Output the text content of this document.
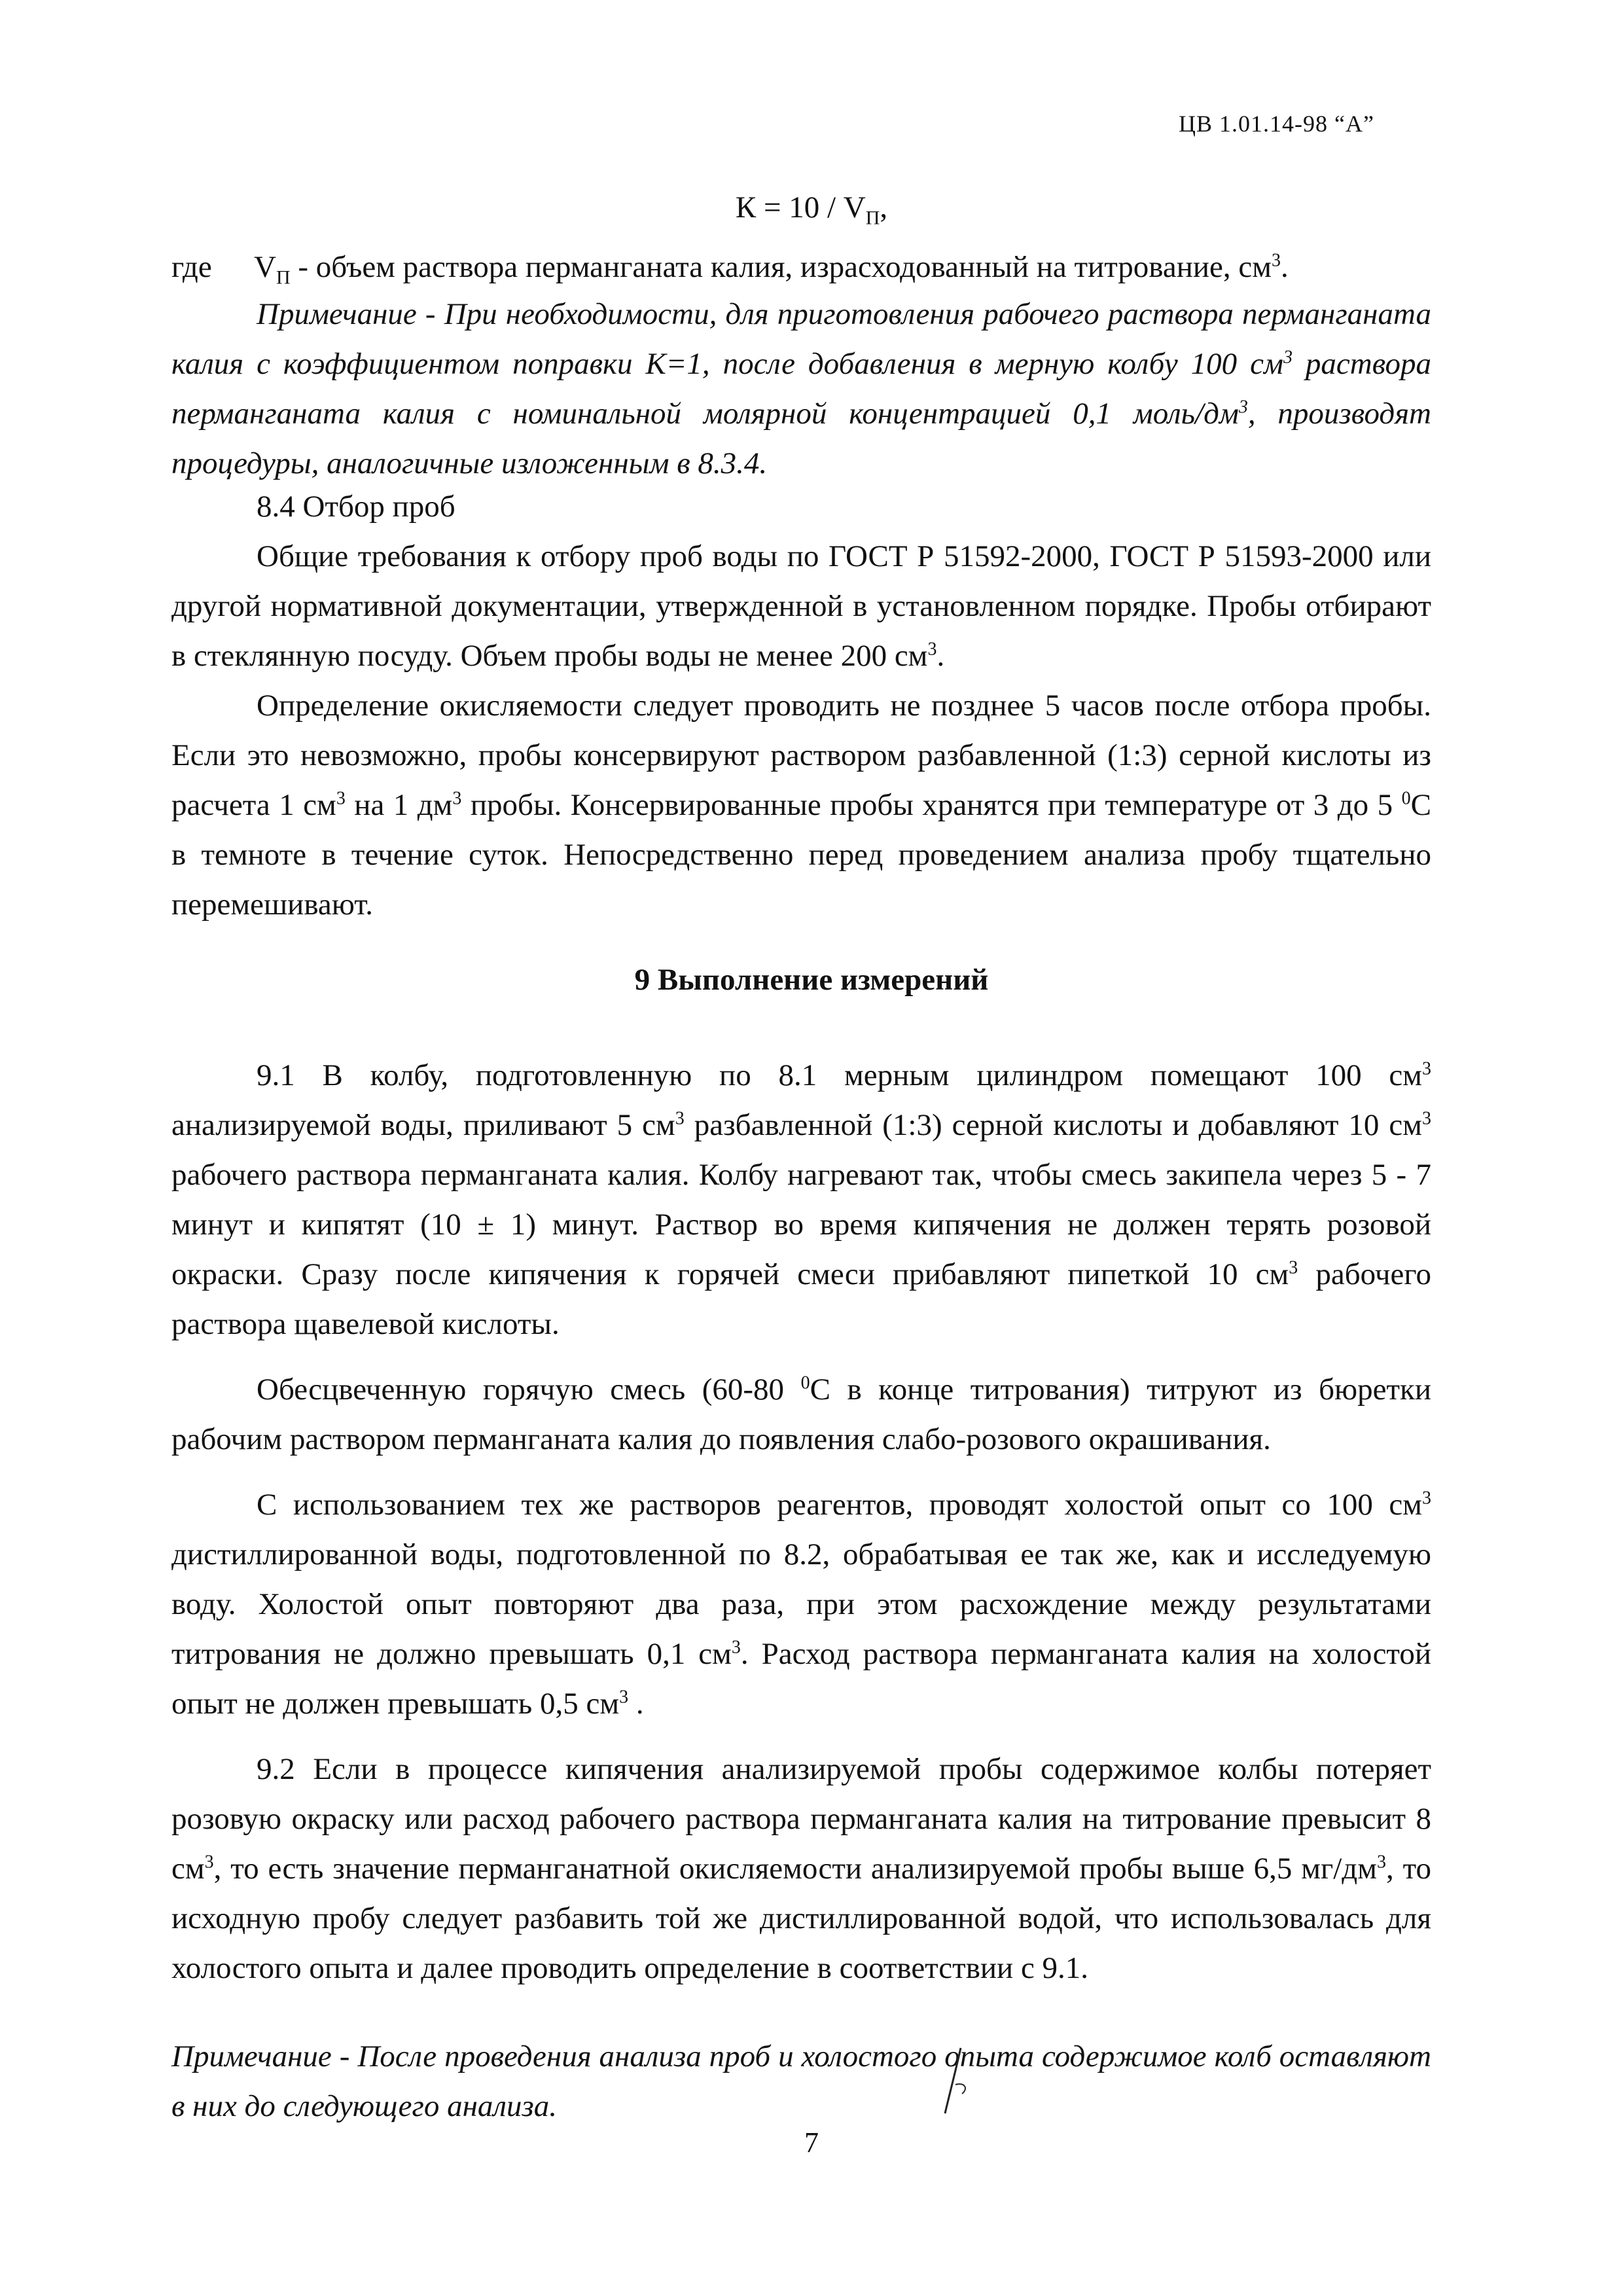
ЦВ 1.01.14-98 “А”
$К = 10 / V_П$,
где $V_П$ - объем раствора перманганата калия, израсходованный на титрование, $см^3$.

Примечание - При необходимости, для приготовления рабочего раствора перманганата калия с коэффициентом поправки К=1, после добавления в мерную колбу 100 $см^3$ раствора перманганата калия с номинальной молярной концентрацией 0,1 моль/$дм^3$, производят процедуры, аналогичные изложенным в 8.3.4.

8.4 Отбор проб

Общие требования к отбору проб воды по ГОСТ Р 51592-2000, ГОСТ Р 51593-2000 или другой нормативной документации, утвержденной в установленном порядке. Пробы отбирают в стеклянную посуду. Объем пробы воды не менее 200 $см^3$.

Определение окисляемости следует проводить не позднее 5 часов после отбора пробы. Если это невозможно, пробы консервируют раствором разбавленной (1:3) серной кислоты из расчета 1 $см^3$ на 1 $дм^3$ пробы. Консервированные пробы хранятся при температуре от 3 до 5 $^0$С в темноте в течение суток. Непосредственно перед проведением анализа пробу тщательно перемешивают.

9 Выполнение измерений

9.1 В колбу, подготовленную по 8.1 мерным цилиндром помещают 100 $см^3$ анализируемой воды, приливают 5 $см^3$ разбавленной (1:3) серной кислоты и добавляют 10 $см^3$ рабочего раствора перманганата калия. Колбу нагревают так, чтобы смесь закипела через 5 - 7 минут и кипятят (10 ± 1) минут. Раствор во время кипячения не должен терять розовой окраски. Сразу после кипячения к горячей смеси прибавляют пипеткой 10 $см^3$ рабочего раствора щавелевой кислоты.

Обесцвеченную горячую смесь (60-80 $^0$С в конце титрования) титруют из бюретки рабочим раствором перманганата калия до появления слабо-розового окрашивания.

С использованием тех же растворов реагентов, проводят холостой опыт со 100 $см^3$ дистиллированной воды, подготовленной по 8.2, обрабатывая ее так же, как и исследуемую воду. Холостой опыт повторяют два раза, при этом расхождение между результатами титрования не должно превышать 0,1 $см^3$. Расход раствора перманганата калия на холостой опыт не должен превышать 0,5 $см^3$ .

9.2 Если в процессе кипячения анализируемой пробы содержимое колбы потеряет розовую окраску или расход рабочего раствора перманганата калия на титрование превысит 8 $см^3$, то есть значение перманганатной окисляемости анализируемой пробы выше 6,5 $мг/дм^3$, то исходную пробу следует разбавить той же дистиллированной водой, что использовалась для холостого опыта и далее проводить определение в соответствии с 9.1.

Примечание - После проведения анализа проб и холостого опыта содержимое колб оставляют в них до следующего анализа.
7
